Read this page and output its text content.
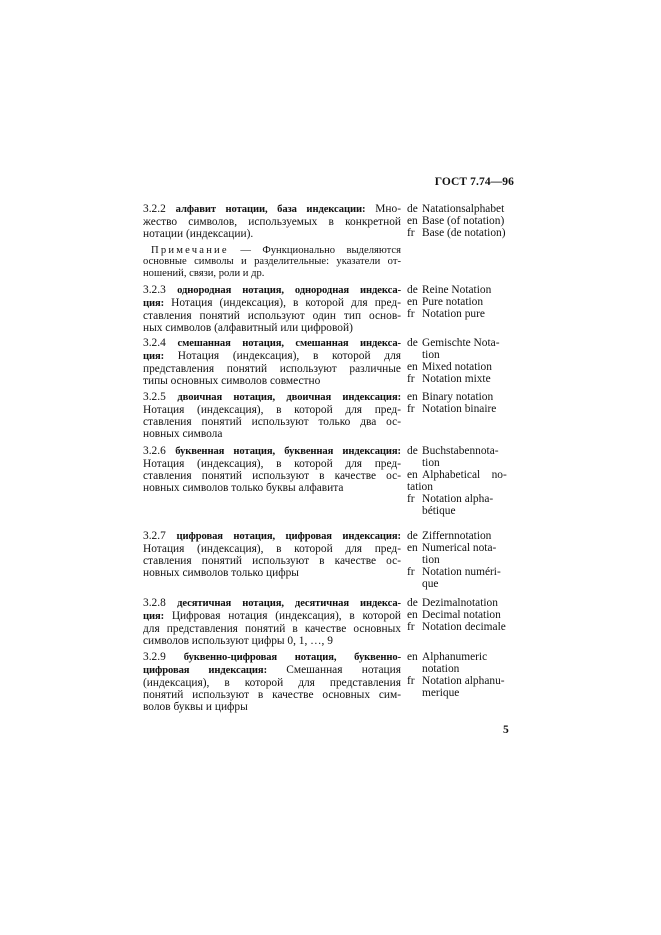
ГОСТ 7.74—96
3.2.2 алфавит нотации, база индексации: Мно-
жество символов, используемых в конкретной
нотации (индексации).
de Natationsalphabet
en Base (of notation)
fr Base (de notation)
Примечание — Функционально выделяются
основные символы и разделительные: указатели от-
ношений, связи, роли и др.
3.2.3 однородная нотация, однородная индекса-
ция: Нотация (индексация), в которой для пред-
ставления понятий используют один тип основ-
ных символов (алфавитный или цифровой)
de Reine Notation
en Pure notation
fr Notation pure
3.2.4 смешанная нотация, смешанная индекса-
ция: Нотация (индексация), в которой для
представления понятий используют различные
типы основных символов совместно
de Gemischte Nota-
tion
en Mixed notation
fr Notation mixte
3.2.5 двоичная нотация, двоичная индексация:
Нотация (индексация), в которой для пред-
ставления понятий используют только два ос-
новных символа
en Binary notation
fr Notation binaire
3.2.6 буквенная нотация, буквенная индексация:
Нотация (индексация), в которой для пред-
ставления понятий используют в качестве ос-
новных символов только буквы алфавита
de Buchstabennota-
tion
en Alphabetical    no-
tation
fr Notation alpha-
bétique
3.2.7 цифровая нотация, цифровая индексация:
Нотация (индексация), в которой для пред-
ставления понятий используют в качестве ос-
новных символов только цифры
de Ziffernnotation
en Numerical nota-
tion
fr Notation numéri-
que
3.2.8 десятичная нотация, десятичная индекса-
ция: Цифровая нотация (индексация), в которой
для представления понятий в качестве основных
символов используют цифры 0, 1, …, 9
de Dezimalnotation
en Decimal notation
fr Notation decimale
3.2.9 буквенно-цифровая нотация, буквенно-
цифровая индексация: Смешанная нотация
(индексация), в которой для представления
понятий используют в качестве основных сим-
волов буквы и цифры
en Alphanumeric
notation
fr Notation alphanu-
merique
5
